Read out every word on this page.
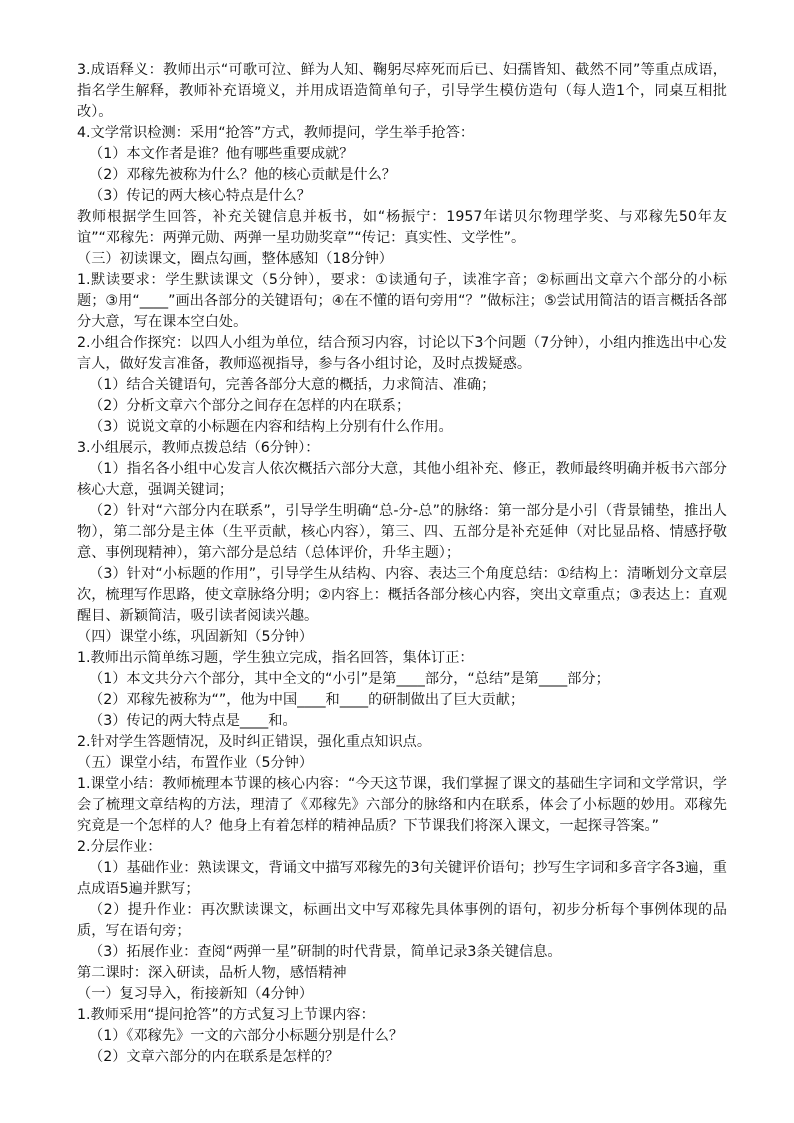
3.成语释义：教师出示“可歌可泣、鲜为人知、鞠躬尽瘁死而后已、妇孺皆知、截然不同”等重点成语，指名学生解释，教师补充语境义，并用成语造简单句子，引导学生模仿造句（每人造1个，同桌互相批改）。

4.文学常识检测：采用“抢答”方式，教师提问，学生举手抢答：

（1）本文作者是谁？他有哪些重要成就？

（2）邓稼先被称为什么？他的核心贡献是什么？

（3）传记的两大核心特点是什么？

教师根据学生回答，补充关键信息并板书，如“杨振宁：1957年诺贝尔物理学奖、与邓稼先50年友谊”“邓稼先：两弹元勋、两弹一星功勋奖章”“传记：真实性、文学性”。

（三）初读课文，圈点勾画，整体感知（18分钟）

1.默读要求：学生默读课文（5分钟），要求：①读通句子，读准字音；②标画出文章六个部分的小标题；③用“____”画出各部分的关键语句；④在不懂的语句旁用“？”做标注；⑤尝试用简洁的语言概括各部分大意，写在课本空白处。

2.小组合作探究：以四人小组为单位，结合预习内容，讨论以下3个问题（7分钟），小组内推选出中心发言人，做好发言准备，教师巡视指导，参与各小组讨论，及时点拨疑惑。

（1）结合关键语句，完善各部分大意的概括，力求简洁、准确；

（2）分析文章六个部分之间存在怎样的内在联系；

（3）说说文章的小标题在内容和结构上分别有什么作用。

3.小组展示，教师点拨总结（6分钟）：

（1）指名各小组中心发言人依次概括六部分大意，其他小组补充、修正，教师最终明确并板书六部分核心大意，强调关键词；

（2）针对“六部分内在联系”，引导学生明确“总-分-总”的脉络：第一部分是小引（背景铺垫，推出人物），第二部分是主体（生平贡献，核心内容），第三、四、五部分是补充延伸（对比显品格、情感抒敬意、事例现精神），第六部分是总结（总体评价，升华主题）；

（3）针对“小标题的作用”，引导学生从结构、内容、表达三个角度总结：①结构上：清晰划分文章层次，梳理写作思路，使文章脉络分明；②内容上：概括各部分核心内容，突出文章重点；③表达上：直观醒目、新颖简洁，吸引读者阅读兴趣。

（四）课堂小练，巩固新知（5分钟）

1.教师出示简单练习题，学生独立完成，指名回答，集体订正：

（1）本文共分六个部分，其中全文的“小引”是第____部分，“总结”是第____部分；

（2）邓稼先被称为“”，他为中国____和____的研制做出了巨大贡献；

（3）传记的两大特点是____和。

2.针对学生答题情况，及时纠正错误，强化重点知识点。

（五）课堂小结，布置作业（5分钟）

1.课堂小结：教师梳理本节课的核心内容：“今天这节课，我们掌握了课文的基础生字词和文学常识，学会了梳理文章结构的方法，理清了《邓稼先》六部分的脉络和内在联系，体会了小标题的妙用。邓稼先究竟是一个怎样的人？他身上有着怎样的精神品质？下节课我们将深入课文，一起探寻答案。”

2.分层作业：

（1）基础作业：熟读课文，背诵文中描写邓稼先的3句关键评价语句；抄写生字词和多音字各3遍，重点成语5遍并默写；

（2）提升作业：再次默读课文，标画出文中写邓稼先具体事例的语句，初步分析每个事例体现的品质，写在语句旁；

（3）拓展作业：查阅“两弹一星”研制的时代背景，简单记录3条关键信息。

第二课时：深入研读，品析人物，感悟精神

（一）复习导入，衔接新知（4分钟）

1.教师采用“提问抢答”的方式复习上节课内容：

（1）《邓稼先》一文的六部分小标题分别是什么？

（2）文章六部分的内在联系是怎样的？
